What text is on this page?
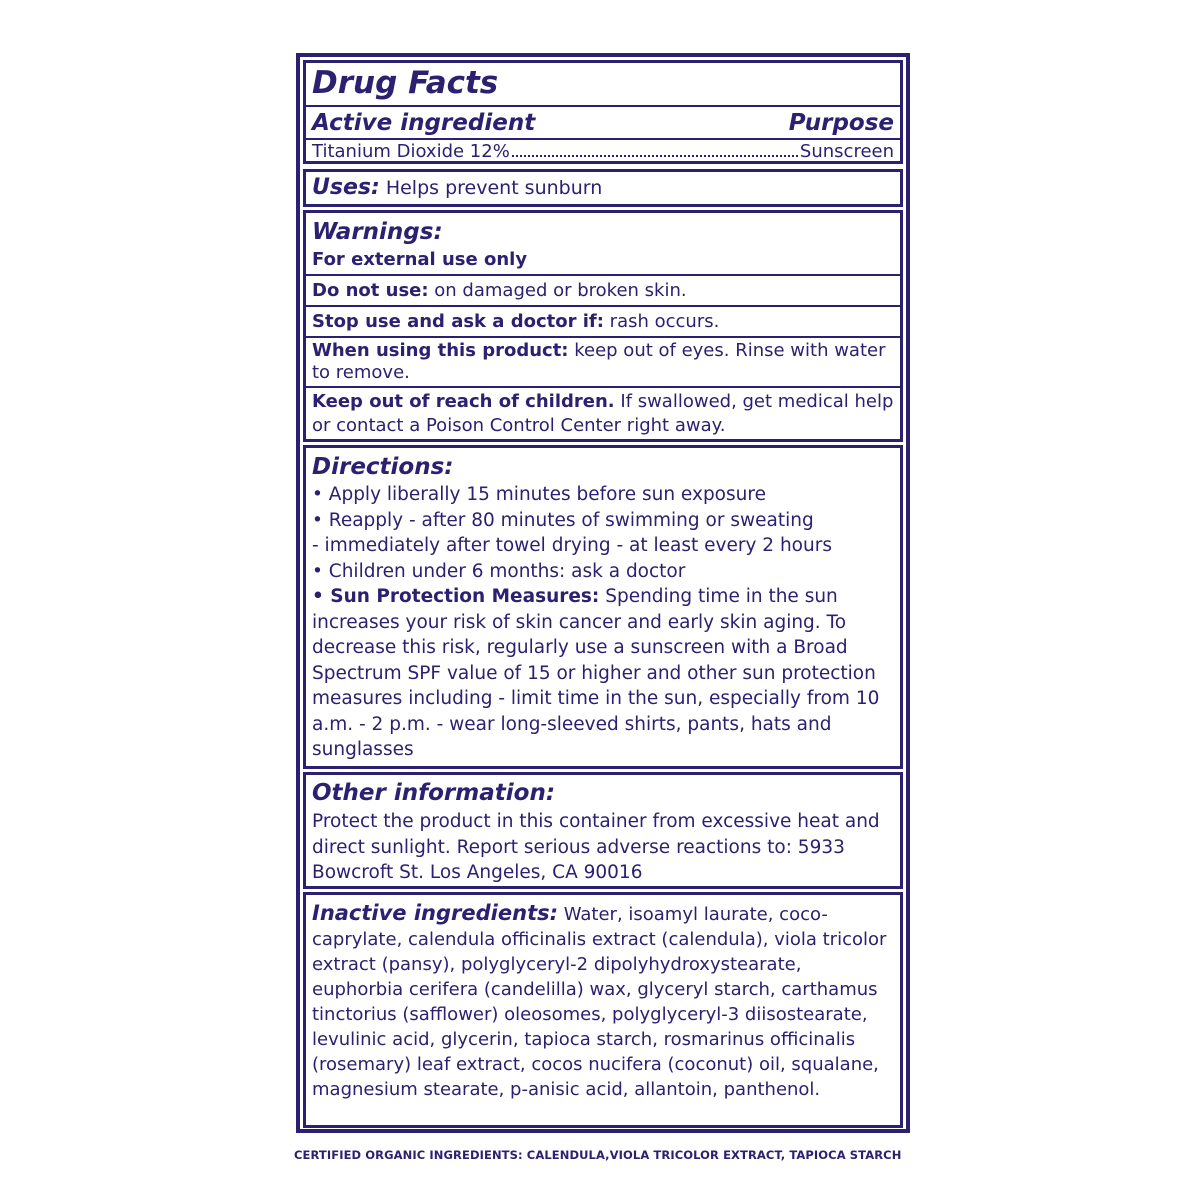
Drug Facts
Active ingredient	Purpose
Titanium Dioxide 12%	Sunscreen

Uses: Helps prevent sunburn

Warnings:
For external use only

Do not use: on damaged or broken skin.

Stop use and ask a doctor if: rash occurs.

When using this product: keep out of eyes. Rinse with water to remove.

Keep out of reach of children. If swallowed, get medical help or contact a Poison Control Center right away.

Directions:
• Apply liberally 15 minutes before sun exposure
• Reapply - after 80 minutes of swimming or sweating
- immediately after towel drying - at least every 2 hours
• Children under 6 months: ask a doctor

• Sun Protection Measures: Spending time in the sun increases your risk of skin cancer and early skin aging. To decrease this risk, regularly use a sunscreen with a Broad Spectrum SPF value of 15 or higher and other sun protection measures including - limit time in the sun, especially from 10 a.m. - 2 p.m. - wear long-sleeved shirts, pants, hats and sunglasses

Other information:

Protect the product in this container from excessive heat and direct sunlight. Report serious adverse reactions to: 5933 Bowcroft St. Los Angeles, CA 90016

Inactive ingredients: Water, isoamyl laurate, coco-caprylate, calendula officinalis extract (calendula), viola tricolor extract (pansy), polyglyceryl-2 dipolyhydroxystearate, euphorbia cerifera (candelilla) wax, glyceryl starch, carthamus tinctorius (safflower) oleosomes, polyglyceryl-3 diisostearate, levulinic acid, glycerin, tapioca starch, rosmarinus officinalis (rosemary) leaf extract, cocos nucifera (coconut) oil, squalane, magnesium stearate, p-anisic acid, allantoin, panthenol.

CERTIFIED ORGANIC INGREDIENTS: CALENDULA,VIOLA TRICOLOR EXTRACT, TAPIOCA STARCH
